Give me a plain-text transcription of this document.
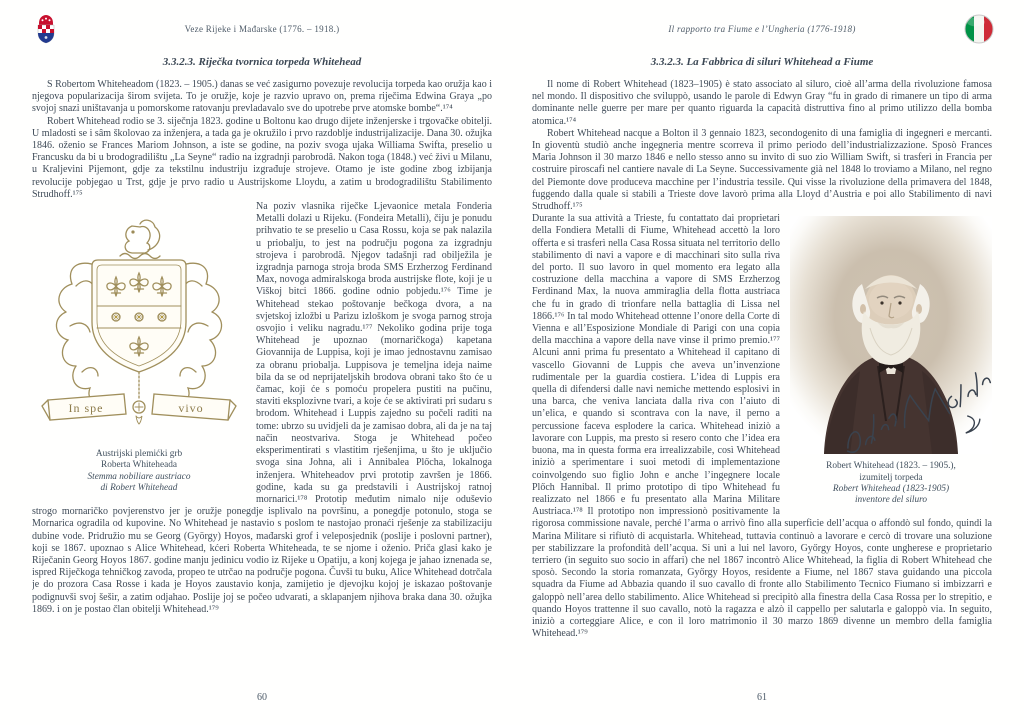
Veze Rijeke i Mađarske (1776. – 1918.)	Il rapporto tra Fiume e l’Ungheria (1776-1918)
3.3.2.3. Riječka tvornica torpeda Whitehead

S Robertom Whiteheadom (1823. – 1905.) danas se već zasigurno povezuje revolucija torpeda kao oružja kao i njegova popularizacija širom svijeta. To je oružje, koje je razvio upravo on, prema riječima Edwina Graya „po svojoj snazi uništavanja u pomorskome ratovanju prevladavalo sve do upotrebe prve atomske bombe“.¹⁷⁴

Robert Whitehead rodio se 3. siječnja 1823. godine u Boltonu kao drugo dijete inženjerske i trgovačke obitelji. U mladosti se i sâm školovao za inženjera, a tada ga je okružilo i prvo razdoblje industrijalizacije. Dana 30. ožujka 1846. oženio se Frances Mariom Johnson, a iste se godine, na poziv svoga ujaka Williama Swifta, preselio u Francusku da bi u brodogradilištu „La Seyne“ radio na izgradnji parobrodâ. Nakon toga (1848.) već živi u Milanu, u Kraljevini Pijemont, gdje za tekstilnu industriju izgrađuje strojeve. Otamo je iste godine zbog izbijanja revolucije pobjegao u Trst, gdje je prvo radio u Austrijskome Lloydu, a zatim u brodogradilištu Stabilimento Strudhoff.¹⁷⁵

In spe	vivo
Austrijski plemićki grb
Roberta Whiteheada
Stemma nobiliare austriaco
di Robert Whitehead

Na poziv vlasnika riječke Ljevaonice metala Fonderia Metalli dolazi u Rijeku. (Fondeira Metalli), čiju je ponudu prihvatio te se preselio u Casa Rossu, koja se pak nalazila u priobalju, to jest na području pogona za izgradnju strojeva i parobrodâ. Njegov tadašnji rad obilježila je izgradnja parnoga stroja broda SMS Erzherzog Ferdinand Max, novoga admiralskoga broda austrijske flote, koji je u Viškoj bitci 1866. godine odnio pobjedu.¹⁷⁶ Time je Whitehead stekao poštovanje bečkoga dvora, a na svjetskoj izložbi u Parizu izloškom je svoga parnog stroja osvojio i veliku nagradu.¹⁷⁷ Nekoliko godina prije toga Whitehead je upoznao (mornaričkoga) kapetana Giovannija de Luppisa, koji je imao jednostavnu zamisao za obranu priobalja. Luppisova je temeljna ideja naime bila da se od neprijateljskih brodova obrani tako što će u čamac, koji će s pomoću propelera pustiti na pučinu, staviti eksplozivne tvari, a koje će se aktivirati pri sudaru s brodom. Whitehead i Luppis zajedno su počeli raditi na tome: ubrzo su uvidjeli da je zamisao dobra, ali da je na taj način neostvariva. Stoga je Whitehead počeo eksperimentirati s vlastitim rješenjima, u što je uključio svoga sina Johna, ali i Annibalea Plőcha, lokalnoga inženjera. Whiteheadov prvi prototip završen je 1866. godine, kada su ga predstavili i Austrijskoj ratnoj mornarici.¹⁷⁸ Prototip međutim nimalo nije oduševio strogo mornaričko povjerenstvo jer je oružje ponegdje isplivalo na površinu, a ponegdje potonulo, stoga se Mornarica ogradila od kupovine. No Whitehead je nastavio s poslom te nastojao pronaći rješenje za stabilizaciju dubine vode. Pridružio mu se Georg (György) Hoyos, mađarski grof i veleposjednik (poslije i poslovni partner), koji se 1867. upoznao s Alice Whitehead, kćeri Roberta Whiteheada, te se njome i oženio. Priča glasi kako je Riječanin Georg Hoyos 1867. godine manju jedinicu vodio iz Rijeke u Opatiju, a konj kojega je jahao iznenada se, ispred Riječkoga tehničkog zavoda, propeo te utrčao na područje pogona. Čuvši tu buku, Alice Whitehead dotrčala je do prozora Casa Rosse i kada je Hoyos zaustavio konja, zamijetio je djevojku kojoj je iskazao poštovanje podignuvši svoj šešir, a zatim odjahao. Poslije joj se počeo udvarati, a sklapanjem njihova braka dana 30. ožujka 1869. i on je postao član obitelji Whitehead.¹⁷⁹

3.3.2.3. La Fabbrica di siluri Whitehead a Fiume

Il nome di Robert Whitehead (1823–1905) è stato associato al siluro, cioè all’arma della rivoluzione famosa nel mondo. Il dispositivo che sviluppò, usando le parole di Edwyn Gray “fu in grado di rimanere un tipo di arma dominante nelle guerre per mare per quanto riguarda la capacità distruttiva fino al primo utilizzo della bomba atomica.¹⁷⁴

Robert Whitehead nacque a Bolton il 3 gennaio 1823, secondogenito di una famiglia di ingegneri e mercanti. In gioventù studiò anche ingegneria mentre scorreva il primo periodo dell’industrializzazione. Sposò Frances Maria Johnson il 30 marzo 1846 e nello stesso anno su invito di suo zio William Swift, si trasferì in Francia per costruire piroscafi nel cantiere navale di La Seyne. Successivamente già nel 1848 lo troviamo a Milano, nel regno del Piemonte dove produceva macchine per l’industria tessile. Qui visse la rivoluzione della primavera del 1848, fuggendo dalla quale si stabilì a Trieste dove lavorò prima alla Lloyd d’Austria e poi allo Stabilimento di navi Strudhoff.¹⁷⁵

Robert Whitehead (1823. – 1905.),
izumitelj torpeda
Robert Whitehead (1823-1905)
inventore del siluro

Durante la sua attività a Trieste, fu contattato dai proprietari della Fondiera Metalli di Fiume, Whitehead accettò la loro offerta e si trasferì nella Casa Rossa situata nel territorio dello stabilimento di navi a vapore e di macchinari sito sulla riva del porto. Il suo lavoro in quel momento era legato alla costruzione della macchina a vapore di SMS Erzherzog Ferdinand Max, la nuova ammiraglia della flotta austriaca che fu in grado di trionfare nella battaglia di Lissa nel 1866.¹⁷⁶ In tal modo Whitehead ottenne l’onore della Corte di Vienna e all’Esposizione Mondiale di Parigi con una copia della macchina a vapore della nave vinse il primo premio.¹⁷⁷ Alcuni anni prima fu presentato a Whitehead il capitano di vascello Giovanni de Luppis che aveva un’invenzione rudimentale per la guardia costiera. L’idea di Luppis era quella di difendersi dalle navi nemiche mettendo esplosivi in una barca, che veniva lanciata dalla riva con l’aiuto di un’elica, e quando si scontrava con la nave, il perno a percussione faceva esplodere la carica. Whitehead iniziò a lavorare con Luppis, ma presto si resero conto che l’idea era buona, ma in questa forma era irrealizzabile, così Whitehead iniziò a sperimentare i suoi metodi di implementazione coinvolgendo suo figlio John e anche l’ingegnere locale Plőch Hannibal. Il primo prototipo di tipo Whitehead fu realizzato nel 1866 e fu presentato alla Marina Militare Austriaca.¹⁷⁸ Il prototipo non impressionò positivamente la rigorosa commissione navale, perché l’arma o arrivò fino alla superficie dell’acqua o affondò sul fondo, quindi la Marina Militare si rifiutò di acquistarla. Whitehead, tuttavia continuò a lavorare e cercò di trovare una soluzione per stabilizzare la profondità dell’acqua. Si unì a lui nel lavoro, Győrgy Hoyos, conte ungherese e proprietario terriero (in seguito suo socio in affari) che nel 1867 incontrò Alice Whitehead, la figlia di Robert Whitehead che sposò. Secondo la storia romanzata, Győrgy Hoyos, residente a Fiume, nel 1867 stava guidando una piccola squadra da Fiume ad Abbazia quando il suo cavallo di fronte allo Stabilimento Tecnico Fiumano si imbizzarrì e galoppò nell’area dello stabilimento. Alice Whitehead si precipitò alla finestra della Casa Rossa per lo strepitio, e quando Hoyos trattenne il suo cavallo, notò la ragazza e alzò il cappello per salutarla e galoppò via. In seguito, iniziò a corteggiare Alice, e con il loro matrimonio il 30 marzo 1869 divenne un membro della famiglia Whitehead.¹⁷⁹

60	61
